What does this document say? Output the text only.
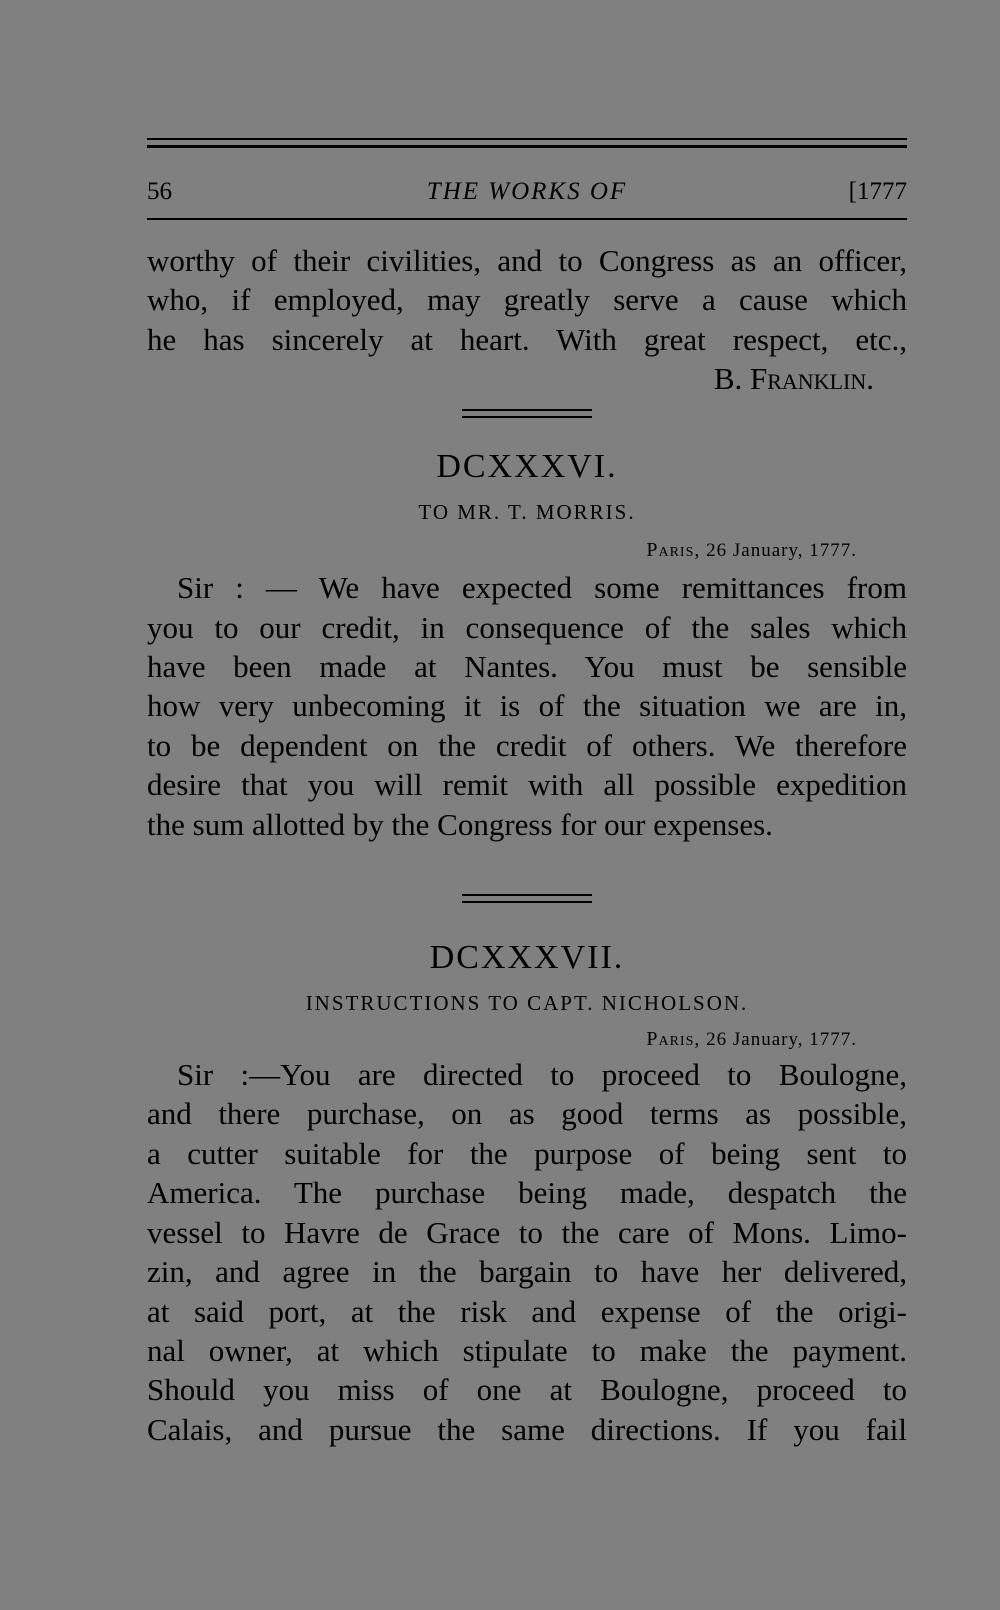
56	THE WORKS OF	[1777

worthy of their civilities, and to Congress as an officer,
who, if employed, may greatly serve a cause which
he has sincerely at heart. With great respect, etc.,

B. Franklin.
DCXXXVI.
TO MR. T. MORRIS.
Paris, 26 January, 1777.

Sir : — We have expected some remittances from
you to our credit, in consequence of the sales which
have been made at Nantes. You must be sensible
how very unbecoming it is of the situation we are in,
to be dependent on the credit of others. We therefore
desire that you will remit with all possible expedition
the sum allotted by the Congress for our expenses.

DCXXXVII.
INSTRUCTIONS TO CAPT. NICHOLSON.
Paris, 26 January, 1777.

Sir :—You are directed to proceed to Boulogne,
and there purchase, on as good terms as possible,
a cutter suitable for the purpose of being sent to
America. The purchase being made, despatch the
vessel to Havre de Grace to the care of Mons. Limo-
zin, and agree in the bargain to have her delivered,
at said port, at the risk and expense of the origi-
nal owner, at which stipulate to make the payment.
Should you miss of one at Boulogne, proceed to
Calais, and pursue the same directions. If you fail
